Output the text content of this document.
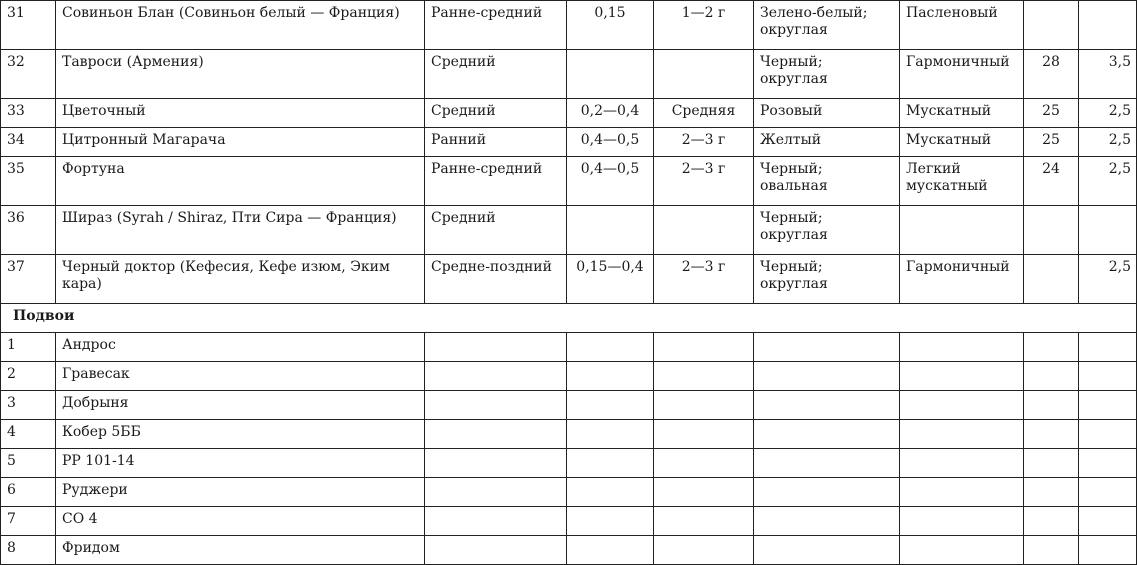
31	Совиньон Блан (Совиньон белый — Франция)	Ранне-средний	0,15	1—2 г	Зелено-белый; округлая	Пасленовый		
32	Тавроси (Армения)	Средний			Черный; округлая	Гармоничный	28	3,5
33	Цветочный	Средний	0,2—0,4	Средняя	Розовый	Мускатный	25	2,5
34	Цитронный Магарача	Ранний	0,4—0,5	2—3 г	Желтый	Мускатный	25	2,5
35	Фортуна	Ранне-средний	0,4—0,5	2—3 г	Черный; овальная	Легкий мускатный	24	2,5
36	Шираз (Syrah / Shiraz, Пти Сира — Франция)	Средний			Черный; округлая			
37	Черный доктор (Кефесия, Кефе изюм, Эким кара)	Средне-поздний	0,15—0,4	2—3 г	Черный; округлая	Гармоничный		2,5
Подвои								
1	Андрос							
2	Гравесак							
3	Добрыня							
4	Кобер 5ББ							
5	РР 101-14							
6	Руджери							
7	СО 4							
8	Фридом							
